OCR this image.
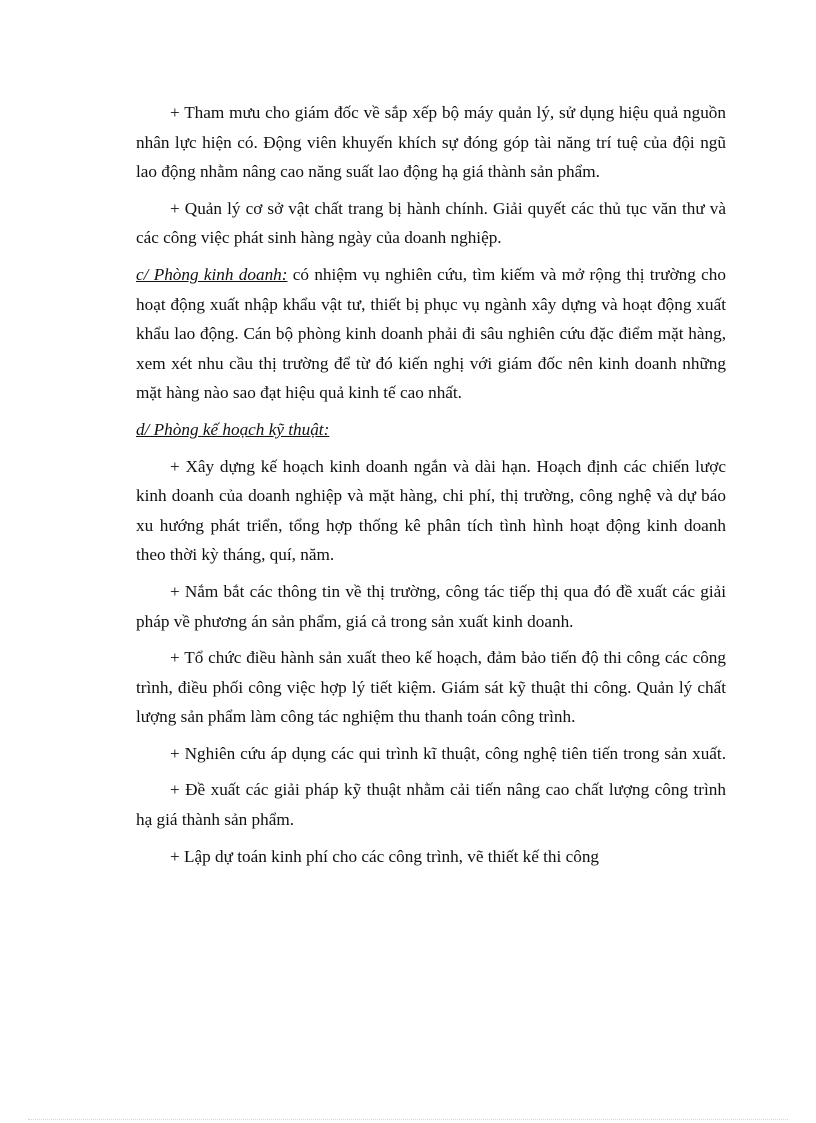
+ Tham mưu cho giám đốc về sắp xếp bộ máy quản lý, sử dụng hiệu quả nguồn nhân lực hiện có. Động viên khuyến khích sự đóng góp tài năng trí tuệ của đội ngũ lao động nhằm nâng cao năng suất lao động hạ giá thành sản phẩm.

+ Quản lý cơ sở vật chất trang bị hành chính. Giải quyết các thủ tục văn thư và các công việc phát sinh hàng ngày của doanh nghiệp.

c/ Phòng kinh doanh: có nhiệm vụ nghiên cứu, tìm kiếm và mở rộng thị trường cho hoạt động xuất nhập khẩu vật tư, thiết bị phục vụ ngành xây dựng và hoạt động xuất khẩu lao động. Cán bộ phòng kinh doanh phải đi sâu nghiên cứu đặc điểm mặt hàng, xem xét nhu cầu thị trường để từ đó kiến nghị với giám đốc nên kinh doanh những mặt hàng nào sao đạt hiệu quả kinh tế cao nhất.

d/ Phòng kế hoạch kỹ thuật:

+ Xây dựng kế hoạch kinh doanh ngắn và dài hạn. Hoạch định các chiến lược kinh doanh của doanh nghiệp và mặt hàng, chi phí, thị trường, công nghệ và dự báo xu hướng phát triển, tổng hợp thống kê phân tích tình hình hoạt động kinh doanh theo thời kỳ tháng, quí, năm.

+ Nắm bắt các thông tin về thị trường, công tác tiếp thị qua đó đề xuất các giải pháp về phương án sản phẩm, giá cả trong sản xuất kinh doanh.

+ Tổ chức điều hành sản xuất theo kế hoạch, đảm bảo tiến độ thi công các công trình, điều phối công việc hợp lý tiết kiệm. Giám sát kỹ thuật thi công. Quản lý chất lượng sản phẩm làm công tác nghiệm thu thanh toán công trình.

+ Nghiên cứu áp dụng các qui trình kĩ thuật, công nghệ tiên tiến trong sản xuất.

+ Đề xuất các giải pháp kỹ thuật nhằm cải tiến nâng cao chất lượng công trình hạ giá thành sản phẩm.

+ Lập dự toán kinh phí cho các công trình, vẽ thiết kế thi công
